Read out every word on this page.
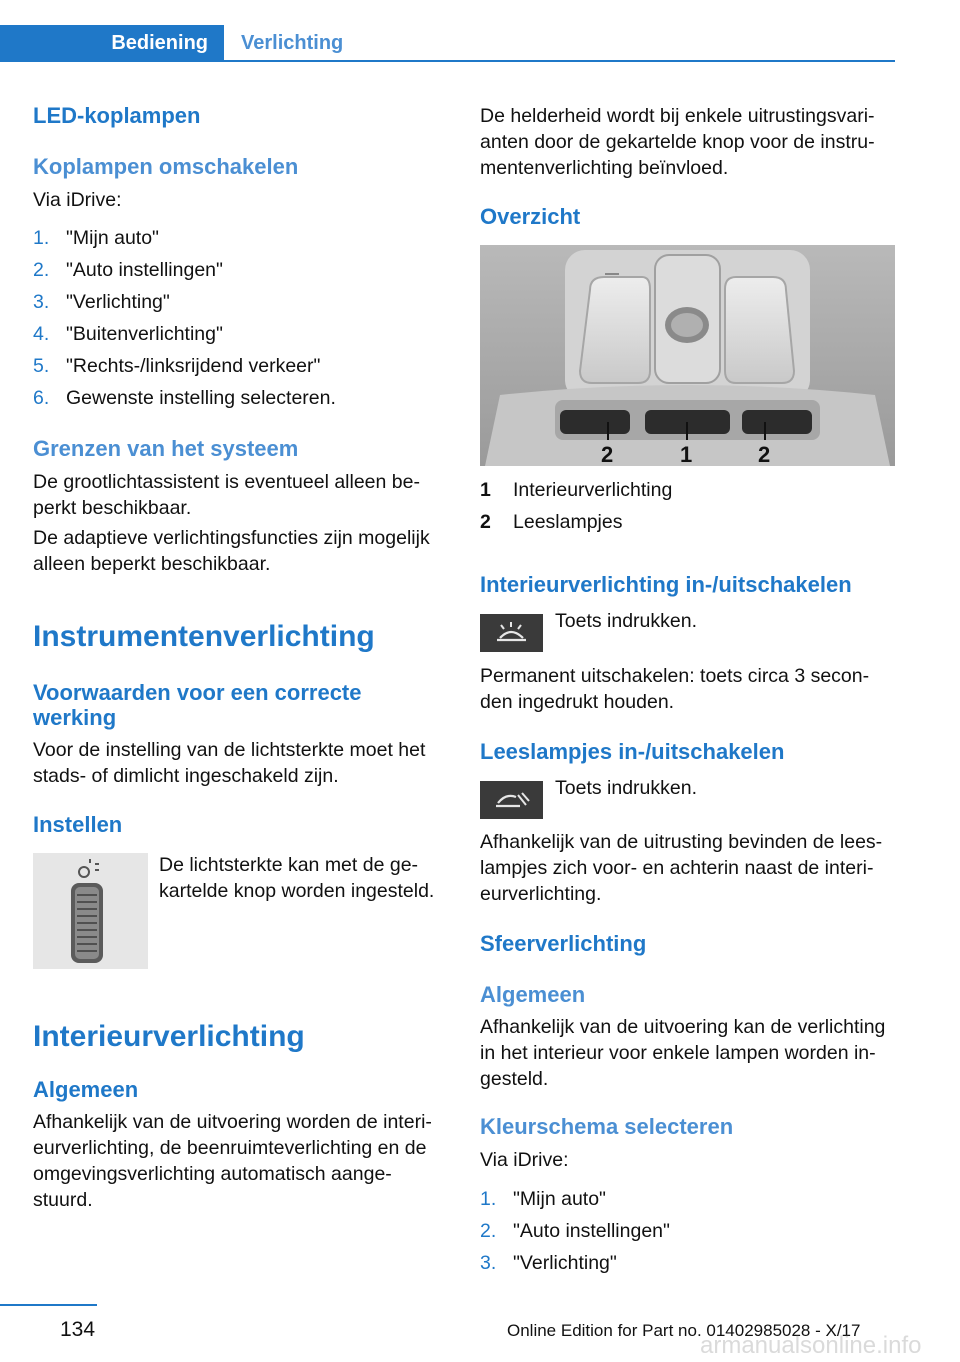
Bediening	Verlichting
LED-koplampen
Koplampen omschakelen
Via iDrive:
1. "Mijn auto"
2. "Auto instellingen"
3. "Verlichting"
4. "Buitenverlichting"
5. "Rechts-/linksrijdend verkeer"
6. Gewenste instelling selecteren.
Grenzen van het systeem
De grootlichtassistent is eventueel alleen be-
perkt beschikbaar.
De adaptieve verlichtingsfuncties zijn mogelijk
alleen beperkt beschikbaar.
Instrumentenverlichting
Voorwaarden voor een correcte
werking
Voor de instelling van de lichtsterkte moet het
stads- of dimlicht ingeschakeld zijn.
Instellen
De lichtsterkte kan met de ge-
kartelde knop worden ingesteld.
Interieurverlichting
Algemeen
Afhankelijk van de uitvoering worden de interi-
eurverlichting, de beenruimteverlichting en de
omgevingsverlichting automatisch aange-
stuurd.
De helderheid wordt bij enkele uitrustingsvari-
anten door de gekartelde knop voor de instru-
mentenverlichting beïnvloed.
Overzicht
2	1	2
1 Interieurverlichting
2 Leeslampjes
Interieurverlichting in-/uitschakelen
Toets indrukken.
Permanent uitschakelen: toets circa 3 secon-
den ingedrukt houden.
Leeslampjes in-/uitschakelen
Toets indrukken.
Afhankelijk van de uitrusting bevinden de lees-
lampjes zich voor- en achterin naast de interi-
eurverlichting.
Sfeerverlichting
Algemeen
Afhankelijk van de uitvoering kan de verlichting
in het interieur voor enkele lampen worden in-
gesteld.
Kleurschema selecteren
Via iDrive:
1. "Mijn auto"
2. "Auto instellingen"
3. "Verlichting"
134	Online Edition for Part no. 01402985028 - X/17
armanualsonline.info
